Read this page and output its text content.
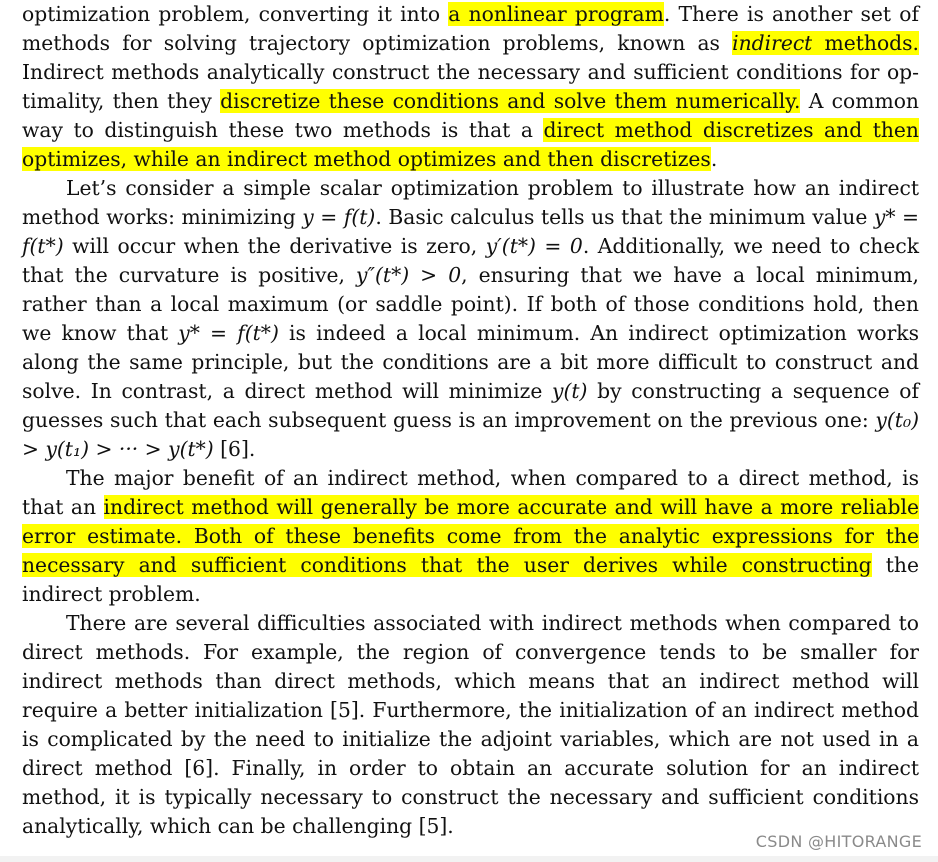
optimization problem, converting it into a nonlinear program. There is another set of methods for solving trajectory optimization problems, known as indirect methods. Indirect methods analytically construct the necessary and sufficient conditions for optimality, then they discretize these conditions and solve them numerically. A common way to distinguish these two methods is that a direct method discretizes and then optimizes, while an indirect method optimizes and then discretizes.

Let’s consider a simple scalar optimization problem to illustrate how an indirect method works: minimizing y = f(t). Basic calculus tells us that the minimum value y* = f(t*) will occur when the derivative is zero, y′(t*) = 0. Additionally, we need to check that the curvature is positive, y″(t*) > 0, ensuring that we have a local minimum, rather than a local maximum (or saddle point). If both of those conditions hold, then we know that y* = f(t*) is indeed a local minimum. An indirect optimization works along the same principle, but the conditions are a bit more difficult to construct and solve. In contrast, a direct method will minimize y(t) by constructing a sequence of guesses such that each subsequent guess is an improvement on the previous one: y(t₀) > y(t₁) > ··· > y(t*) [6].

The major benefit of an indirect method, when compared to a direct method, is that an indirect method will generally be more accurate and will have a more reliable error estimate. Both of these benefits come from the analytic expressions for the necessary and sufficient conditions that the user derives while constructing the indirect problem.

There are several difficulties associated with indirect methods when compared to direct methods. For example, the region of convergence tends to be smaller for indirect methods than direct methods, which means that an indirect method will require a better initialization [5]. Furthermore, the initialization of an indirect method is complicated by the need to initialize the adjoint variables, which are not used in a direct method [6]. Finally, in order to obtain an accurate solution for an indirect method, it is typically necessary to construct the necessary and sufficient conditions analytically, which can be challenging [5].

CSDN @HITORANGE
